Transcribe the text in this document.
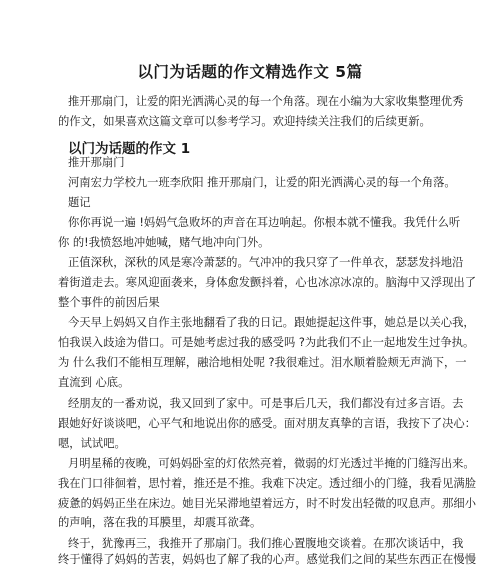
以门为话题的作文精选作文 5篇
推开那扇门，让爱的阳光洒满心灵的每一个角落。现在小编为大家收集整理优秀
的作文，如果喜欢这篇文章可以参考学习。欢迎持续关注我们的后续更新。
以门为话题的作文 1
推开那扇门
河南宏力学校九一班李欣阳 推开那扇门，让爱的阳光洒满心灵的每一个角落。
题记
你你再说一遍 !妈妈气急败坏的声音在耳边响起。你根本就不懂我。我凭什么听
你 的!我愤怒地冲她喊，赌气地冲向门外。
正值深秋，深秋的风是寒冷萧瑟的。气冲冲的我只穿了一件单衣，瑟瑟发抖地沿
着街道走去。寒风迎面袭来，身体愈发颤抖着，心也冰凉冰凉的。脑海中又浮现出了
整个事件的前因后果
今天早上妈妈又自作主张地翻看了我的日记。跟她提起这件事，她总是以关心我，
怕我误入歧途为借口。可是她考虑过我的感受吗 ?为此我们不止一起地发生过争执。
为 什么我们不能相互理解，融洽地相处呢 ?我很难过。泪水顺着脸颊无声淌下，一
直流到 心底。
经朋友的一番劝说，我又回到了家中。可是事后几天，我们都没有过多言语。去
跟她好好谈谈吧，心平气和地说出你的感受。面对朋友真挚的言语，我按下了决心：
嗯，试试吧。
月明星稀的夜晚，可妈妈卧室的灯依然亮着，微弱的灯光透过半掩的门缝泻出来。
我在门口徘徊着，思忖着，推还是不推。我难下决定。透过细小的门缝，我看见满脸
疲惫的妈妈正坐在床边。她目光呆滞地望着远方，时不时发出轻微的叹息声。那细小
的声响，落在我的耳膜里，却震耳欲聋。
终于，犹豫再三，我推开了那扇门。我们推心置腹地交谈着。在那次谈话中，我
终于懂得了妈妈的苦衷，妈妈也了解了我的心声。感觉我们之间的某些东西正在慢慢
